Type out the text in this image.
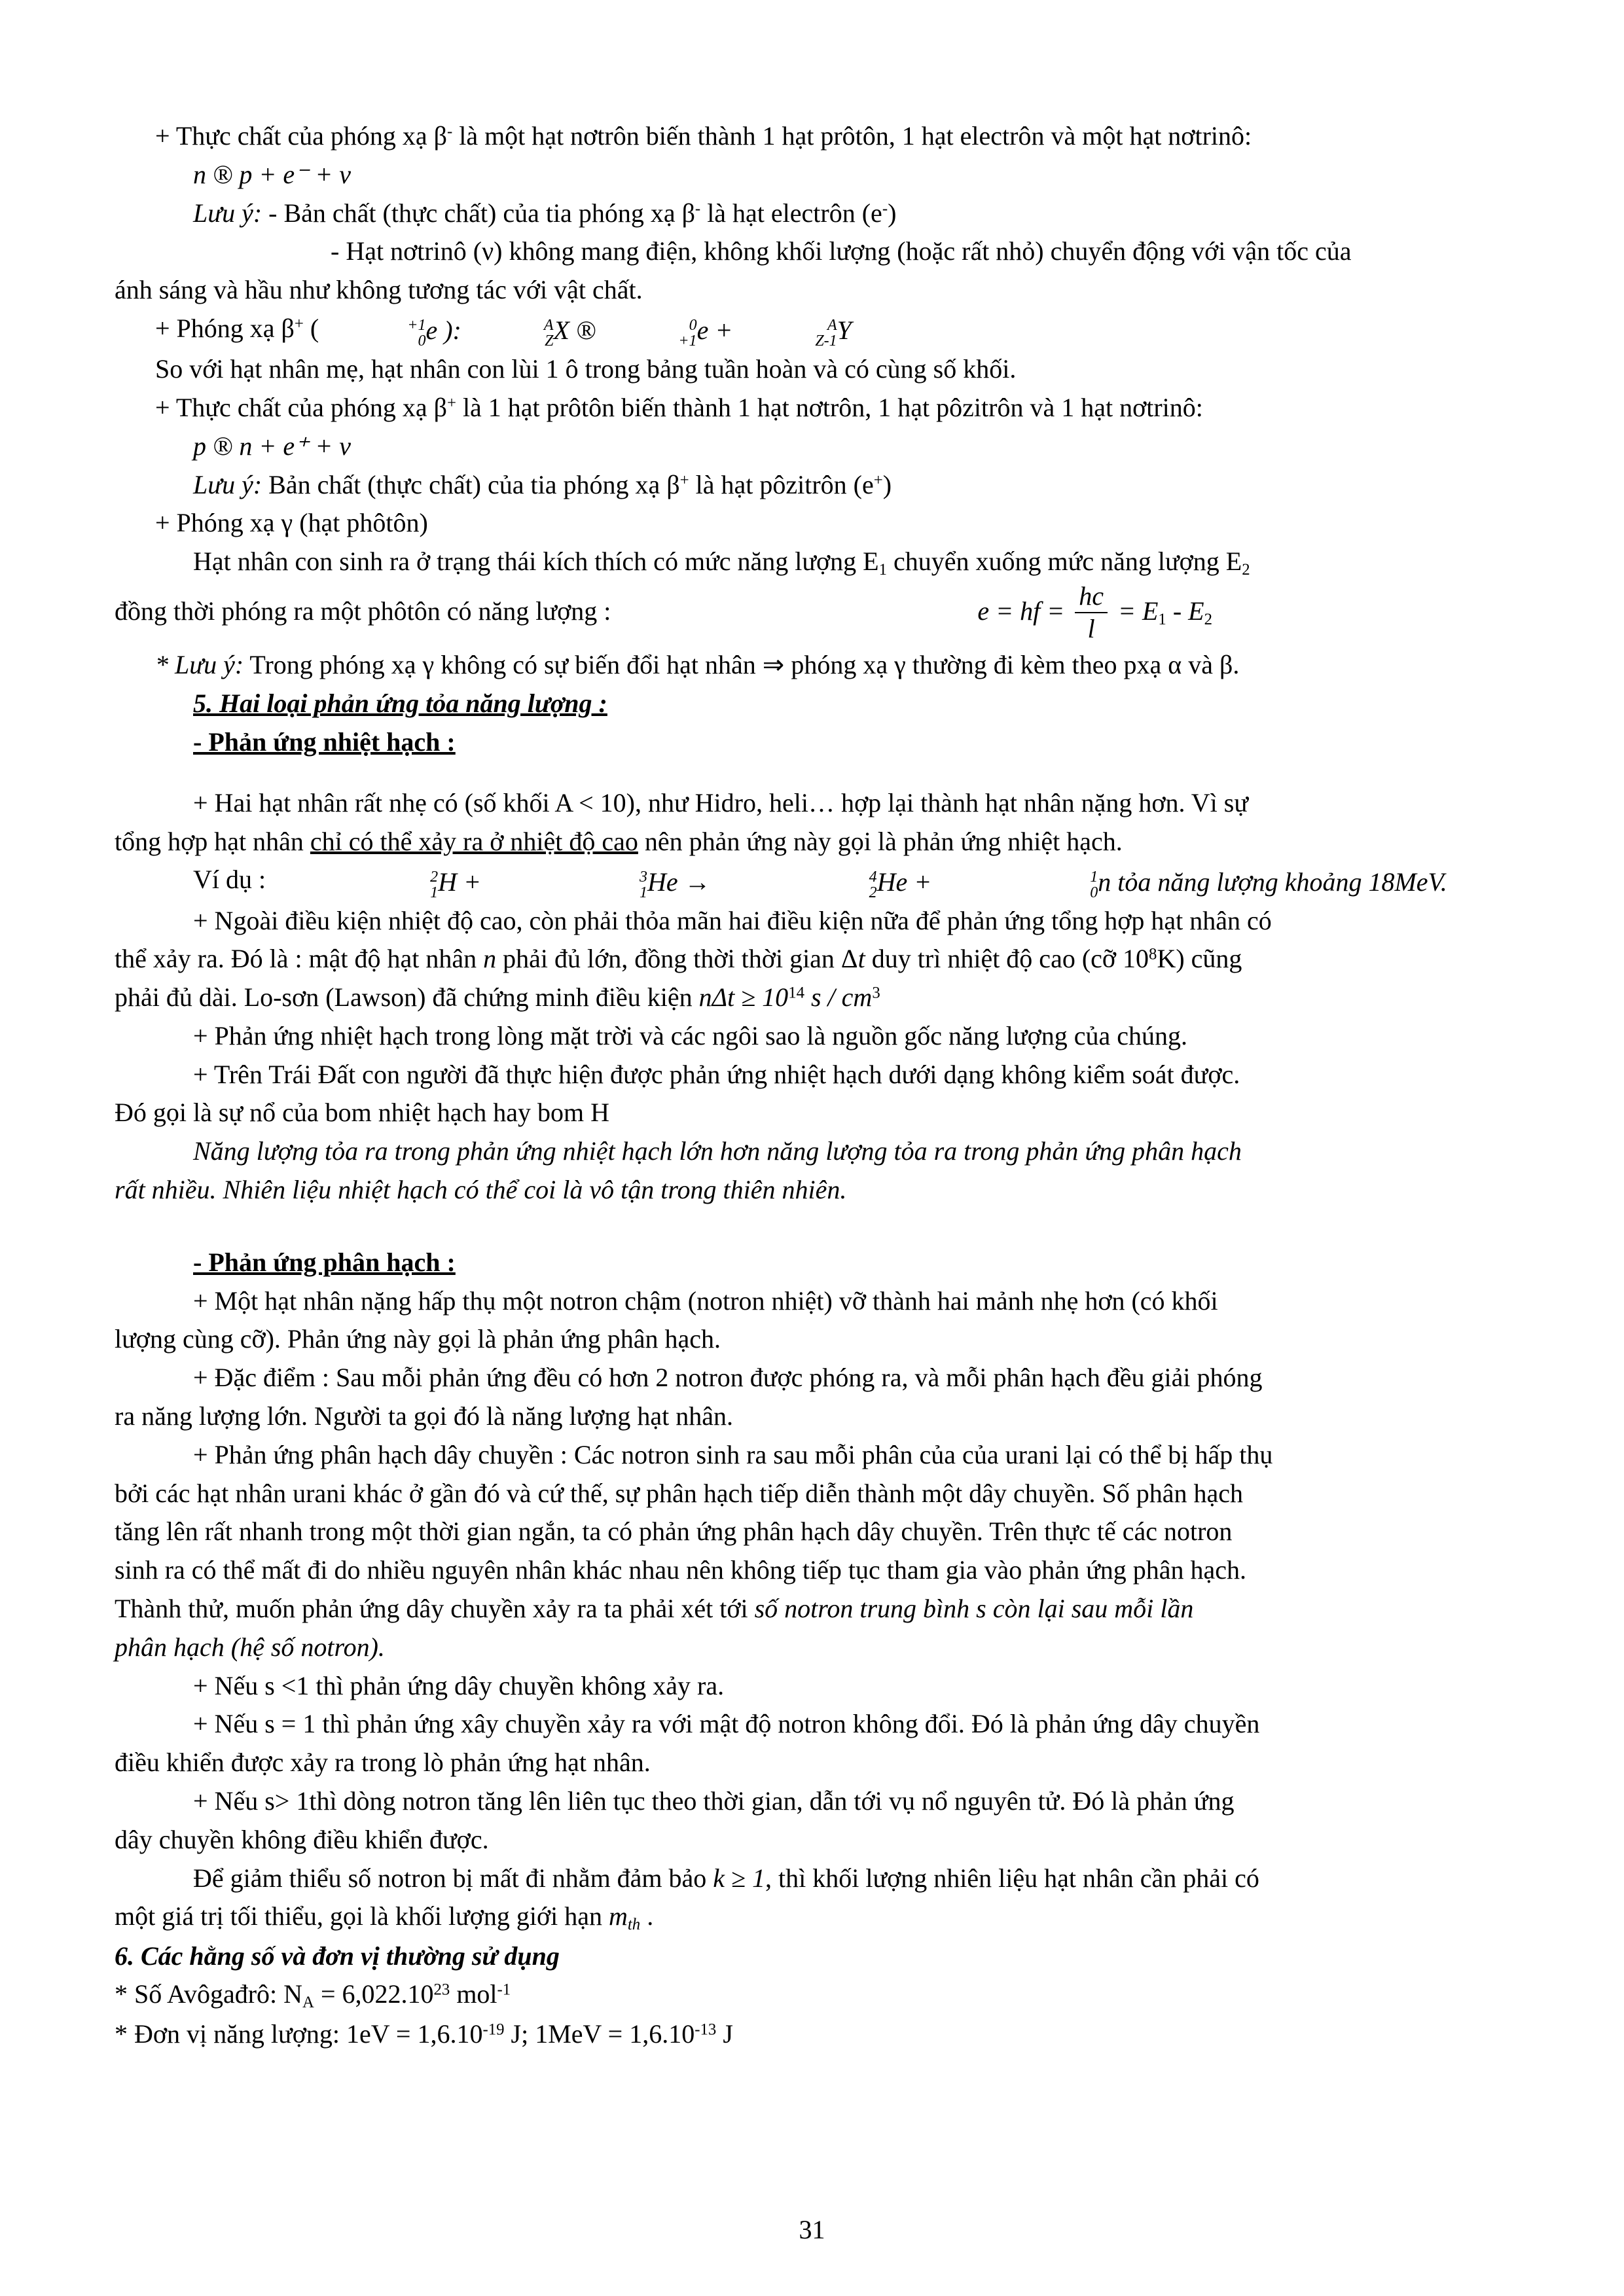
+ Thực chất của phóng xạ β- là một hạt nơtrôn biến thành 1 hạt prôtôn, 1 hạt electrôn và một hạt nơtrinô:

n ® p + e⁻ + ν

Lưu ý: - Bản chất (thực chất) của tia phóng xạ β- là hạt electrôn (e-)

- Hạt nơtrinô (ν) không mang điện, không khối lượng (hoặc rất nhỏ) chuyển động với vận tốc của

ánh sáng và hầu như không tương tác với vật chất.

+ Phóng xạ β+ (	+1
0 e ):	A
Z X ®	0
+1 e +	A
Z-1 Y

So với hạt nhân mẹ, hạt nhân con lùi 1 ô trong bảng tuần hoàn và có cùng số khối.

+ Thực chất của phóng xạ β+ là 1 hạt prôtôn biến thành 1 hạt nơtrôn, 1 hạt pôzitrôn và 1 hạt nơtrinô:

p ® n + e⁺ + ν

Lưu ý: Bản chất (thực chất) của tia phóng xạ β+ là hạt pôzitrôn (e+)

+ Phóng xạ γ (hạt phôtôn)

Hạt nhân con sinh ra ở trạng thái kích thích có mức năng lượng $E_1$ chuyển xuống mức năng lượng $E_2$

đồng thời phóng ra một phôtôn có năng lượng :	e = hf = $\frac{hc}{l} = E_1 - E_2$

* Lưu ý: Trong phóng xạ γ không có sự biến đổi hạt nhân ⇒ phóng xạ γ thường đi kèm theo pxạ α và β.

5. Hai loại phản ứng tỏa năng lượng :

- Phản ứng nhiệt hạch :

+ Hai hạt nhân rất nhẹ có (số khối A < 10), như Hidro, heli… hợp lại thành hạt nhân nặng hơn. Vì sự

tổng hợp hạt nhân chỉ có thể xảy ra ở nhiệt độ cao nên phản ứng này gọi là phản ứng nhiệt hạch.

Ví dụ :	2
1 H +	3
1 He →	4
2 He +	1
0 n tỏa năng lượng khoảng 18MeV.

+ Ngoài điều kiện nhiệt độ cao, còn phải thỏa mãn hai điều kiện nữa để phản ứng tổng hợp hạt nhân có

thể xảy ra. Đó là : mật độ hạt nhân n phải đủ lớn, đồng thời thời gian Δt duy trì nhiệt độ cao (cỡ $10^8K$) cũng

phải đủ dài. Lo-sơn (Lawson) đã chứng minh điều kiện $n\Delta t \ge 10^{14}$ s / $cm^3$

+ Phản ứng nhiệt hạch trong lòng mặt trời và các ngôi sao là nguồn gốc năng lượng của chúng.

+ Trên Trái Đất con người đã thực hiện được phản ứng nhiệt hạch dưới dạng không kiểm soát được.

Đó gọi là sự nổ của bom nhiệt hạch hay bom H

Năng lượng tỏa ra trong phản ứng nhiệt hạch lớn hơn năng lượng tỏa ra trong phản ứng phân hạch

rất nhiều. Nhiên liệu nhiệt hạch có thể coi là vô tận trong thiên nhiên.

- Phản ứng phân hạch :

+ Một hạt nhân nặng hấp thụ một notron chậm (notron nhiệt) vỡ thành hai mảnh nhẹ hơn (có khối

lượng cùng cỡ). Phản ứng này gọi là phản ứng phân hạch.

+ Đặc điểm : Sau mỗi phản ứng đều có hơn 2 notron được phóng ra, và mỗi phân hạch đều giải phóng

ra năng lượng lớn. Người ta gọi đó là năng lượng hạt nhân.

+ Phản ứng phân hạch dây chuyền : Các notron sinh ra sau mỗi phân của của urani lại có thể bị hấp thụ

bởi các hạt nhân urani khác ở gần đó và cứ thế, sự phân hạch tiếp diễn thành một dây chuyền. Số phân hạch

tăng lên rất nhanh trong một thời gian ngắn, ta có phản ứng phân hạch dây chuyền. Trên thực tế các notron

sinh ra có thể mất đi do nhiều nguyên nhân khác nhau nên không tiếp tục tham gia vào phản ứng phân hạch.

Thành thử, muốn phản ứng dây chuyền xảy ra ta phải xét tới số notron trung bình s còn lại sau mỗi lần

phân hạch (hệ số notron).

+ Nếu s <1 thì phản ứng dây chuyền không xảy ra.

+ Nếu s = 1 thì phản ứng xây chuyền xảy ra với mật độ notron không đổi. Đó là phản ứng dây chuyền

điều khiển được xảy ra trong lò phản ứng hạt nhân.

+ Nếu s> 1thì dòng notron tăng lên liên tục theo thời gian, dẫn tới vụ nổ nguyên tử. Đó là phản ứng

dây chuyền không điều khiển được.

Để giảm thiểu số notron bị mất đi nhằm đảm bảo k ≥ 1, thì khối lượng nhiên liệu hạt nhân cần phải có

một giá trị tối thiểu, gọi là khối lượng giới hạn $m_{th}$ .

6. Các hằng số và đơn vị thường sử dụng

* Số Avôgađrô: $N_A = 6,022.10^{23}$ mol$^{-1}$

* Đơn vị năng lượng: $1eV = 1,6.10^{-19}$ J; $1MeV = 1,6.10^{-13}$ J

31
